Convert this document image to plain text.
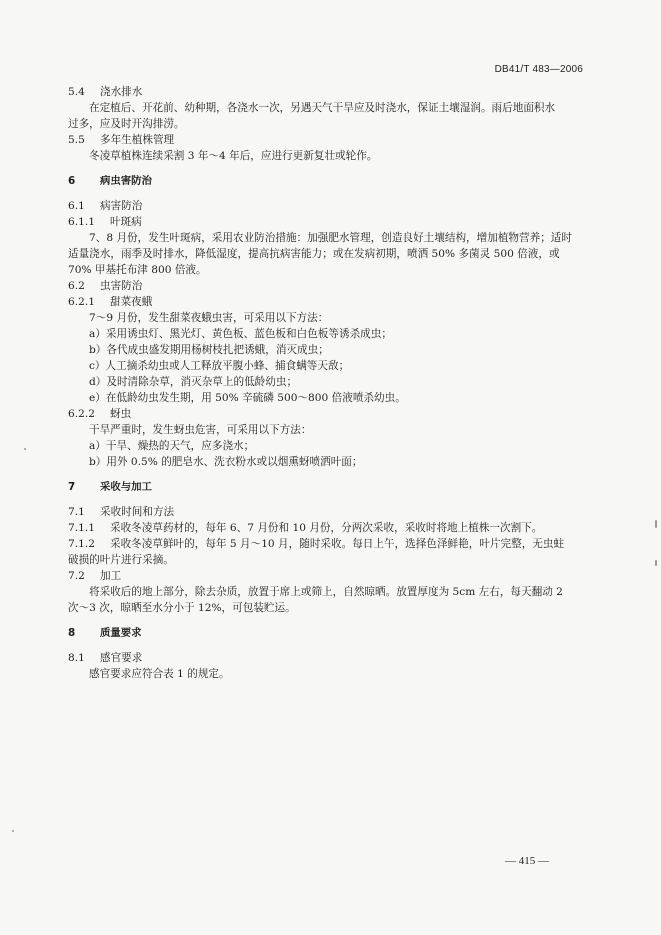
DB41/T 483—2006
5.4 浇水排水
在定植后、开花前、幼种期，各浇水一次，另遇天气干旱应及时浇水，保证土壤湿润。雨后地面积水
过多，应及时开沟排涝。
5.5 多年生植株管理
冬凌草植株连续采割 3 年～4 年后，应进行更新复壮或轮作。
6 病虫害防治
6.1 病害防治
6.1.1 叶斑病
7、8 月份，发生叶斑病，采用农业防治措施：加强肥水管理，创造良好土壤结构，增加植物营养；适时
适量浇水，雨季及时排水，降低湿度，提高抗病害能力；或在发病初期，喷洒 50% 多菌灵 500 倍液，或
70% 甲基托布津 800 倍液。
6.2 虫害防治
6.2.1 甜菜夜蛾
7～9 月份，发生甜菜夜蛾虫害，可采用以下方法：
a）采用诱虫灯、黑光灯、黄色板、蓝色板和白色板等诱杀成虫；
b）各代成虫盛发期用杨树枝扎把诱蛾，消灭成虫；
c）人工摘杀幼虫或人工释放平腹小蜂、捕食螨等天敌；
d）及时清除杂草，消灭杂草上的低龄幼虫；
e）在低龄幼虫发生期，用 50% 辛硫磷 500～800 倍液喷杀幼虫。
6.2.2 蚜虫
干旱严重时，发生蚜虫危害，可采用以下方法：
a）干旱、燥热的天气，应多浇水；
b）用外 0.5% 的肥皂水、洗衣粉水或以烟熏蚜喷洒叶面；
7 采收与加工
7.1 采收时间和方法
7.1.1 采收冬凌草药材的，每年 6、7 月份和 10 月份，分两次采收，采收时将地上植株一次割下。
7.1.2 采收冬凌草鲜叶的，每年 5 月～10 月，随时采收。每日上午，选择色泽鲜艳，叶片完整，无虫蛀
破损的叶片进行采摘。
7.2 加工
将采收后的地上部分，除去杂质，放置于席上或筛上，自然晾晒。放置厚度为 5cm 左右，每天翻动 2
次～3 次，晾晒至水分小于 12%，可包装贮运。
8 质量要求
8.1 感官要求
感官要求应符合表 1 的规定。
— 415 —
